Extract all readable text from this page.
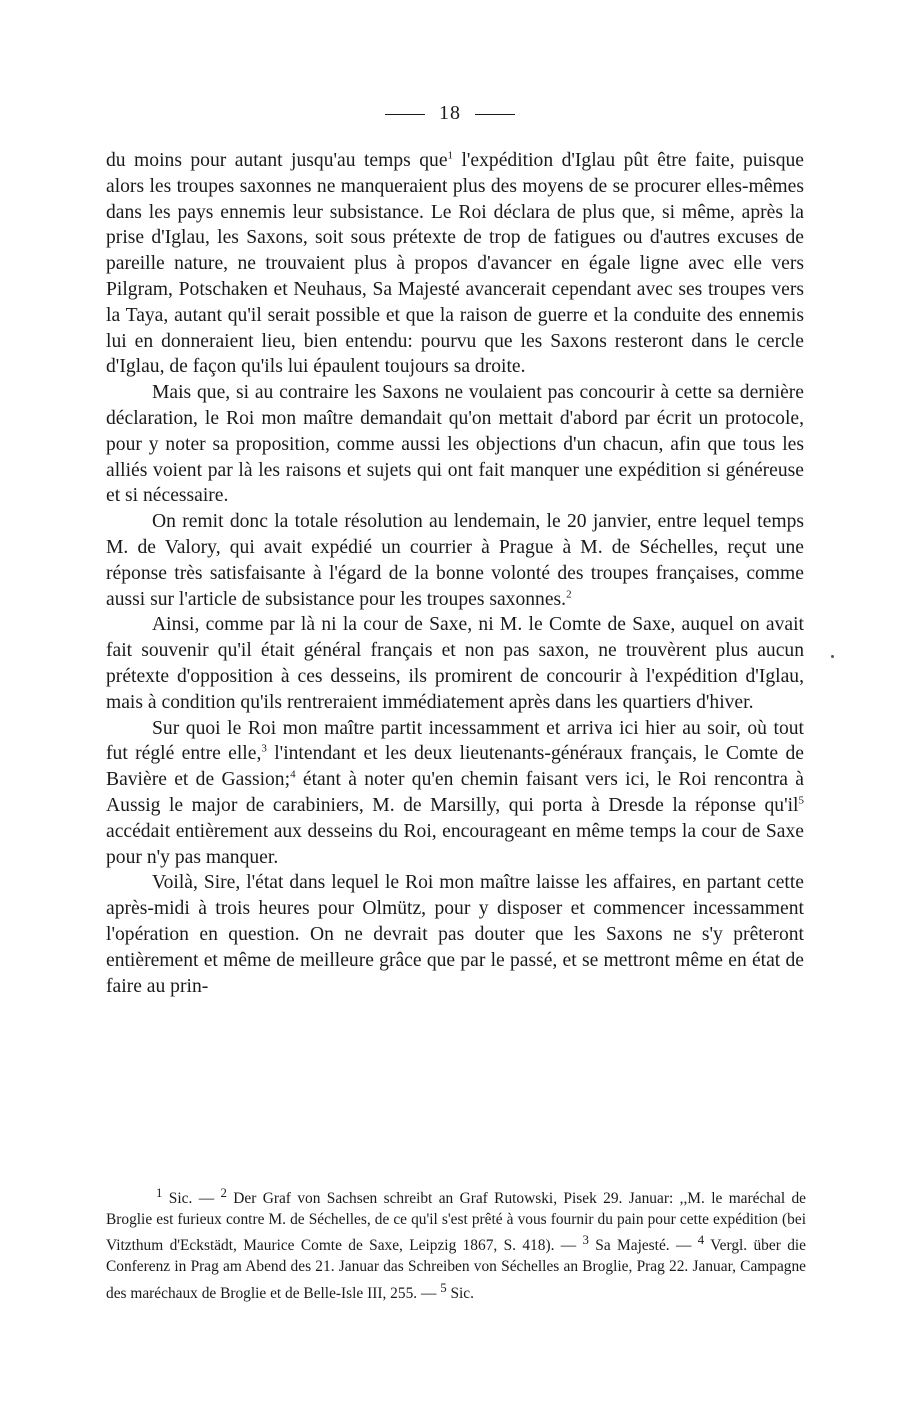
18

du moins pour autant jusqu'au temps que$^1$ l'expédition d'Iglau pût être faite, puisque alors les troupes saxonnes ne manqueraient plus des moyens de se procurer elles-mêmes dans les pays ennemis leur subsistance. Le Roi déclara de plus que, si même, après la prise d'Iglau, les Saxons, soit sous prétexte de trop de fatigues ou d'autres excuses de pareille nature, ne trouvaient plus à propos d'avancer en égale ligne avec elle vers Pilgram, Potschaken et Neuhaus, Sa Majesté avancerait cependant avec ses troupes vers la Taya, autant qu'il serait possible et que la raison de guerre et la conduite des ennemis lui en donneraient lieu, bien entendu: pourvu que les Saxons resteront dans le cercle d'Iglau, de façon qu'ils lui épaulent toujours sa droite.

Mais que, si au contraire les Saxons ne voulaient pas concourir à cette sa dernière déclaration, le Roi mon maître demandait qu'on mettait d'abord par écrit un protocole, pour y noter sa proposition, comme aussi les objections d'un chacun, afin que tous les alliés voient par là les raisons et sujets qui ont fait manquer une expédition si généreuse et si nécessaire.

On remit donc la totale résolution au lendemain, le 20 janvier, entre lequel temps M. de Valory, qui avait expédié un courrier à Prague à M. de Séchelles, reçut une réponse très satisfaisante à l'égard de la bonne volonté des troupes françaises, comme aussi sur l'article de subsistance pour les troupes saxonnes.$^2$

Ainsi, comme par là ni la cour de Saxe, ni M. le Comte de Saxe, auquel on avait fait souvenir qu'il était général français et non pas saxon, ne trouvèrent plus aucun prétexte d'opposition à ces desseins, ils promirent de concourir à l'expédition d'Iglau, mais à condition qu'ils rentreraient immédiatement après dans les quartiers d'hiver.

Sur quoi le Roi mon maître partit incessamment et arriva ici hier au soir, où tout fut réglé entre elle,$^3$ l'intendant et les deux lieutenants-généraux français, le Comte de Bavière et de Gassion;$^4$ étant à noter qu'en chemin faisant vers ici, le Roi rencontra à Aussig le major de carabiniers, M. de Marsilly, qui porta à Dresde la réponse $qu'il^5$ accédait entièrement aux desseins du Roi, encourageant en même temps la cour de Saxe pour n'y pas manquer.

Voilà, Sire, l'état dans lequel le Roi mon maître laisse les affaires, en partant cette après-midi à trois heures pour Olmütz, pour y disposer et commencer incessamment l'opération en question. On ne devrait pas douter que les Saxons ne s'y prêteront entièrement et même de meilleure grâce que par le passé, et se mettront même en état de faire au prin-

$^1$ Sic. — $^2$ Der Graf von Sachsen schreibt an Graf Rutowski, Pisek 29. Januar: ,,M. le maréchal de Broglie est furieux contre M. de Séchelles, de ce qu'il s'est prêté à vous fournir du pain pour cette expédition (bei Vitzthum d'Eckstädt, Maurice Comte de Saxe, Leipzig 1867, S. 418). — $^3$ Sa Majesté. — $^4$ Vergl. über die Conferenz in Prag am Abend des 21. Januar das Schreiben von Séchelles an Broglie, Prag 22. Januar, Campagne des maréchaux de Broglie et de Belle-Isle III, 255. — $^5$ Sic.
